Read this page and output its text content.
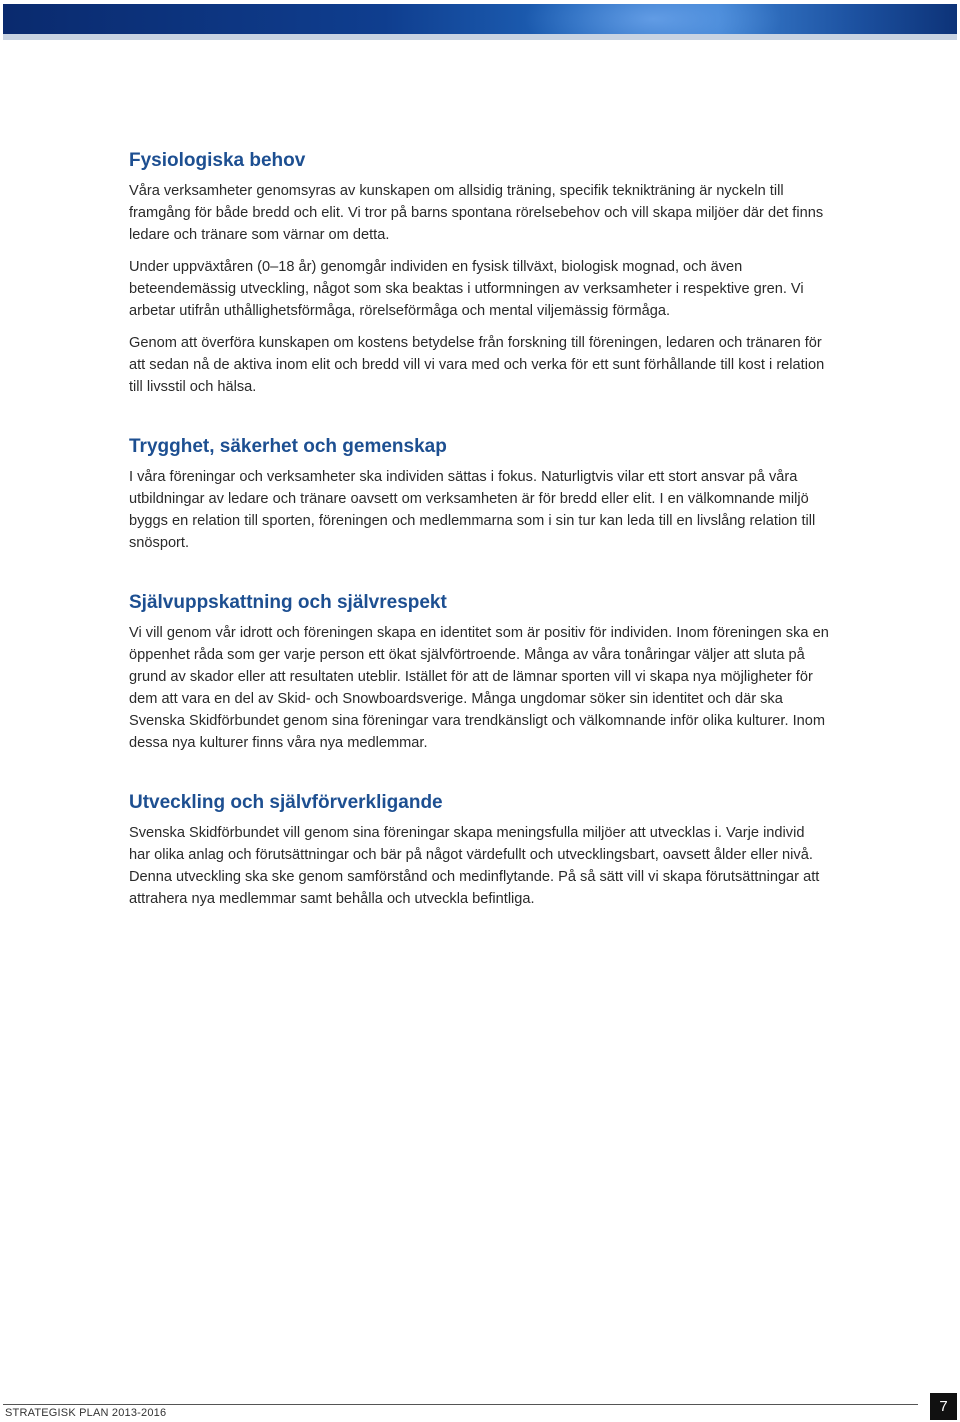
Fysiologiska behov

Våra verksamheter genomsyras av kunskapen om allsidig träning, specifik teknikträning är nyckeln till framgång för både bredd och elit. Vi tror på barns spontana rörelsebehov och vill skapa miljöer där det finns ledare och tränare som värnar om detta.

Under uppväxtåren (0–18 år) genomgår individen en fysisk tillväxt, biologisk mognad, och även beteendemässig utveckling, något som ska beaktas i utformningen av verksamheter i respektive gren. Vi arbetar utifrån uthållighetsförmåga, rörelseförmåga och mental viljemässig förmåga.

Genom att överföra kunskapen om kostens betydelse från forskning till föreningen, ledaren och tränaren för att sedan nå de aktiva inom elit och bredd vill vi vara med och verka för ett sunt förhållande till kost i relation till livsstil och hälsa.

Trygghet, säkerhet och gemenskap

I våra föreningar och verksamheter ska individen sättas i fokus. Naturligtvis vilar ett stort ansvar på våra utbildningar av ledare och tränare oavsett om verksamheten är för bredd eller elit. I en välkomnande miljö byggs en relation till sporten, föreningen och medlemmarna som i sin tur kan leda till en livslång relation till snösport.

Självuppskattning och självrespekt

Vi vill genom vår idrott och föreningen skapa en identitet som är positiv för individen. Inom föreningen ska en öppenhet råda som ger varje person ett ökat självförtroende. Många av våra tonåringar väljer att sluta på grund av skador eller att resultaten uteblir. Istället för att de lämnar sporten vill vi skapa nya möjligheter för dem att vara en del av Skid- och Snowboardsverige. Många ungdomar söker sin identitet och där ska Svenska Skidförbundet genom sina föreningar vara trendkänsligt och välkomnande inför olika kulturer. Inom dessa nya kulturer finns våra nya medlemmar.

Utveckling och självförverkligande

Svenska Skidförbundet vill genom sina föreningar skapa meningsfulla miljöer att utvecklas i. Varje individ har olika anlag och förutsättningar och bär på något värdefullt och utvecklingsbart, oavsett ålder eller nivå. Denna utveckling ska ske genom samförstånd och medinflytande. På så sätt vill vi skapa förutsättningar att attrahera nya medlemmar samt behålla och utveckla befintliga.

STRATEGISK PLAN 2013-2016	7
